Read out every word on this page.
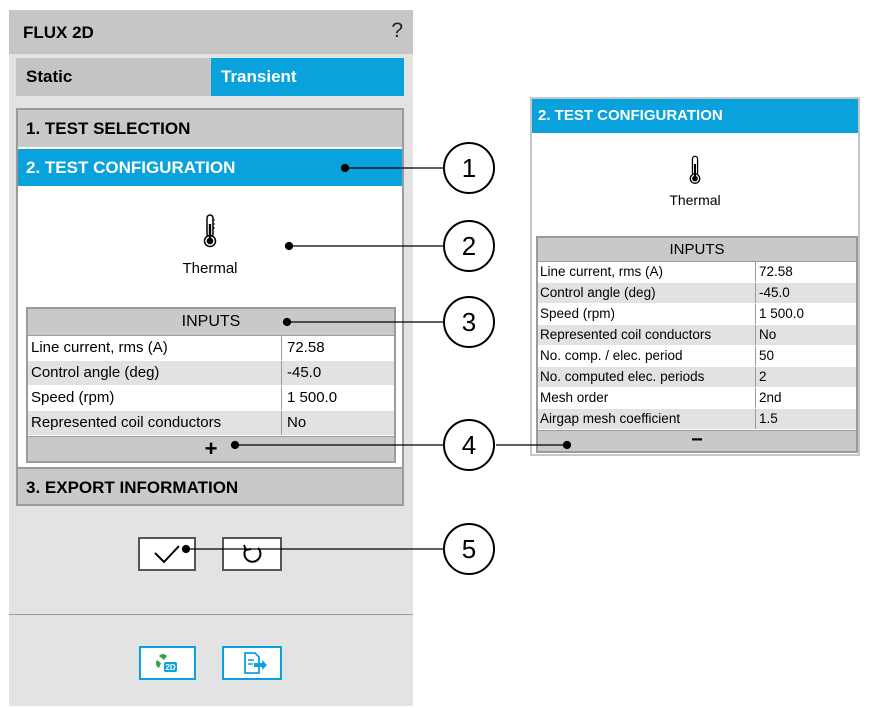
FLUX 2D	?
Static	Transient
1. TEST SELECTION
2. TEST CONFIGURATION
Thermal
INPUTS
Line current, rms (A)	72.58
Control angle (deg)	-45.0
Speed (rpm)	1 500.0
Represented coil conductors	No
+
3. EXPORT INFORMATION
2D
2. TEST CONFIGURATION
Thermal
INPUTS
Line current, rms (A)	72.58
Control angle (deg)	-45.0
Speed (rpm)	1 500.0
Represented coil conductors	No
No. comp. / elec. period	50
No. computed elec. periods	2
Mesh order	2nd
Airgap mesh coefficient	1.5
−
1
2
3
4
5
